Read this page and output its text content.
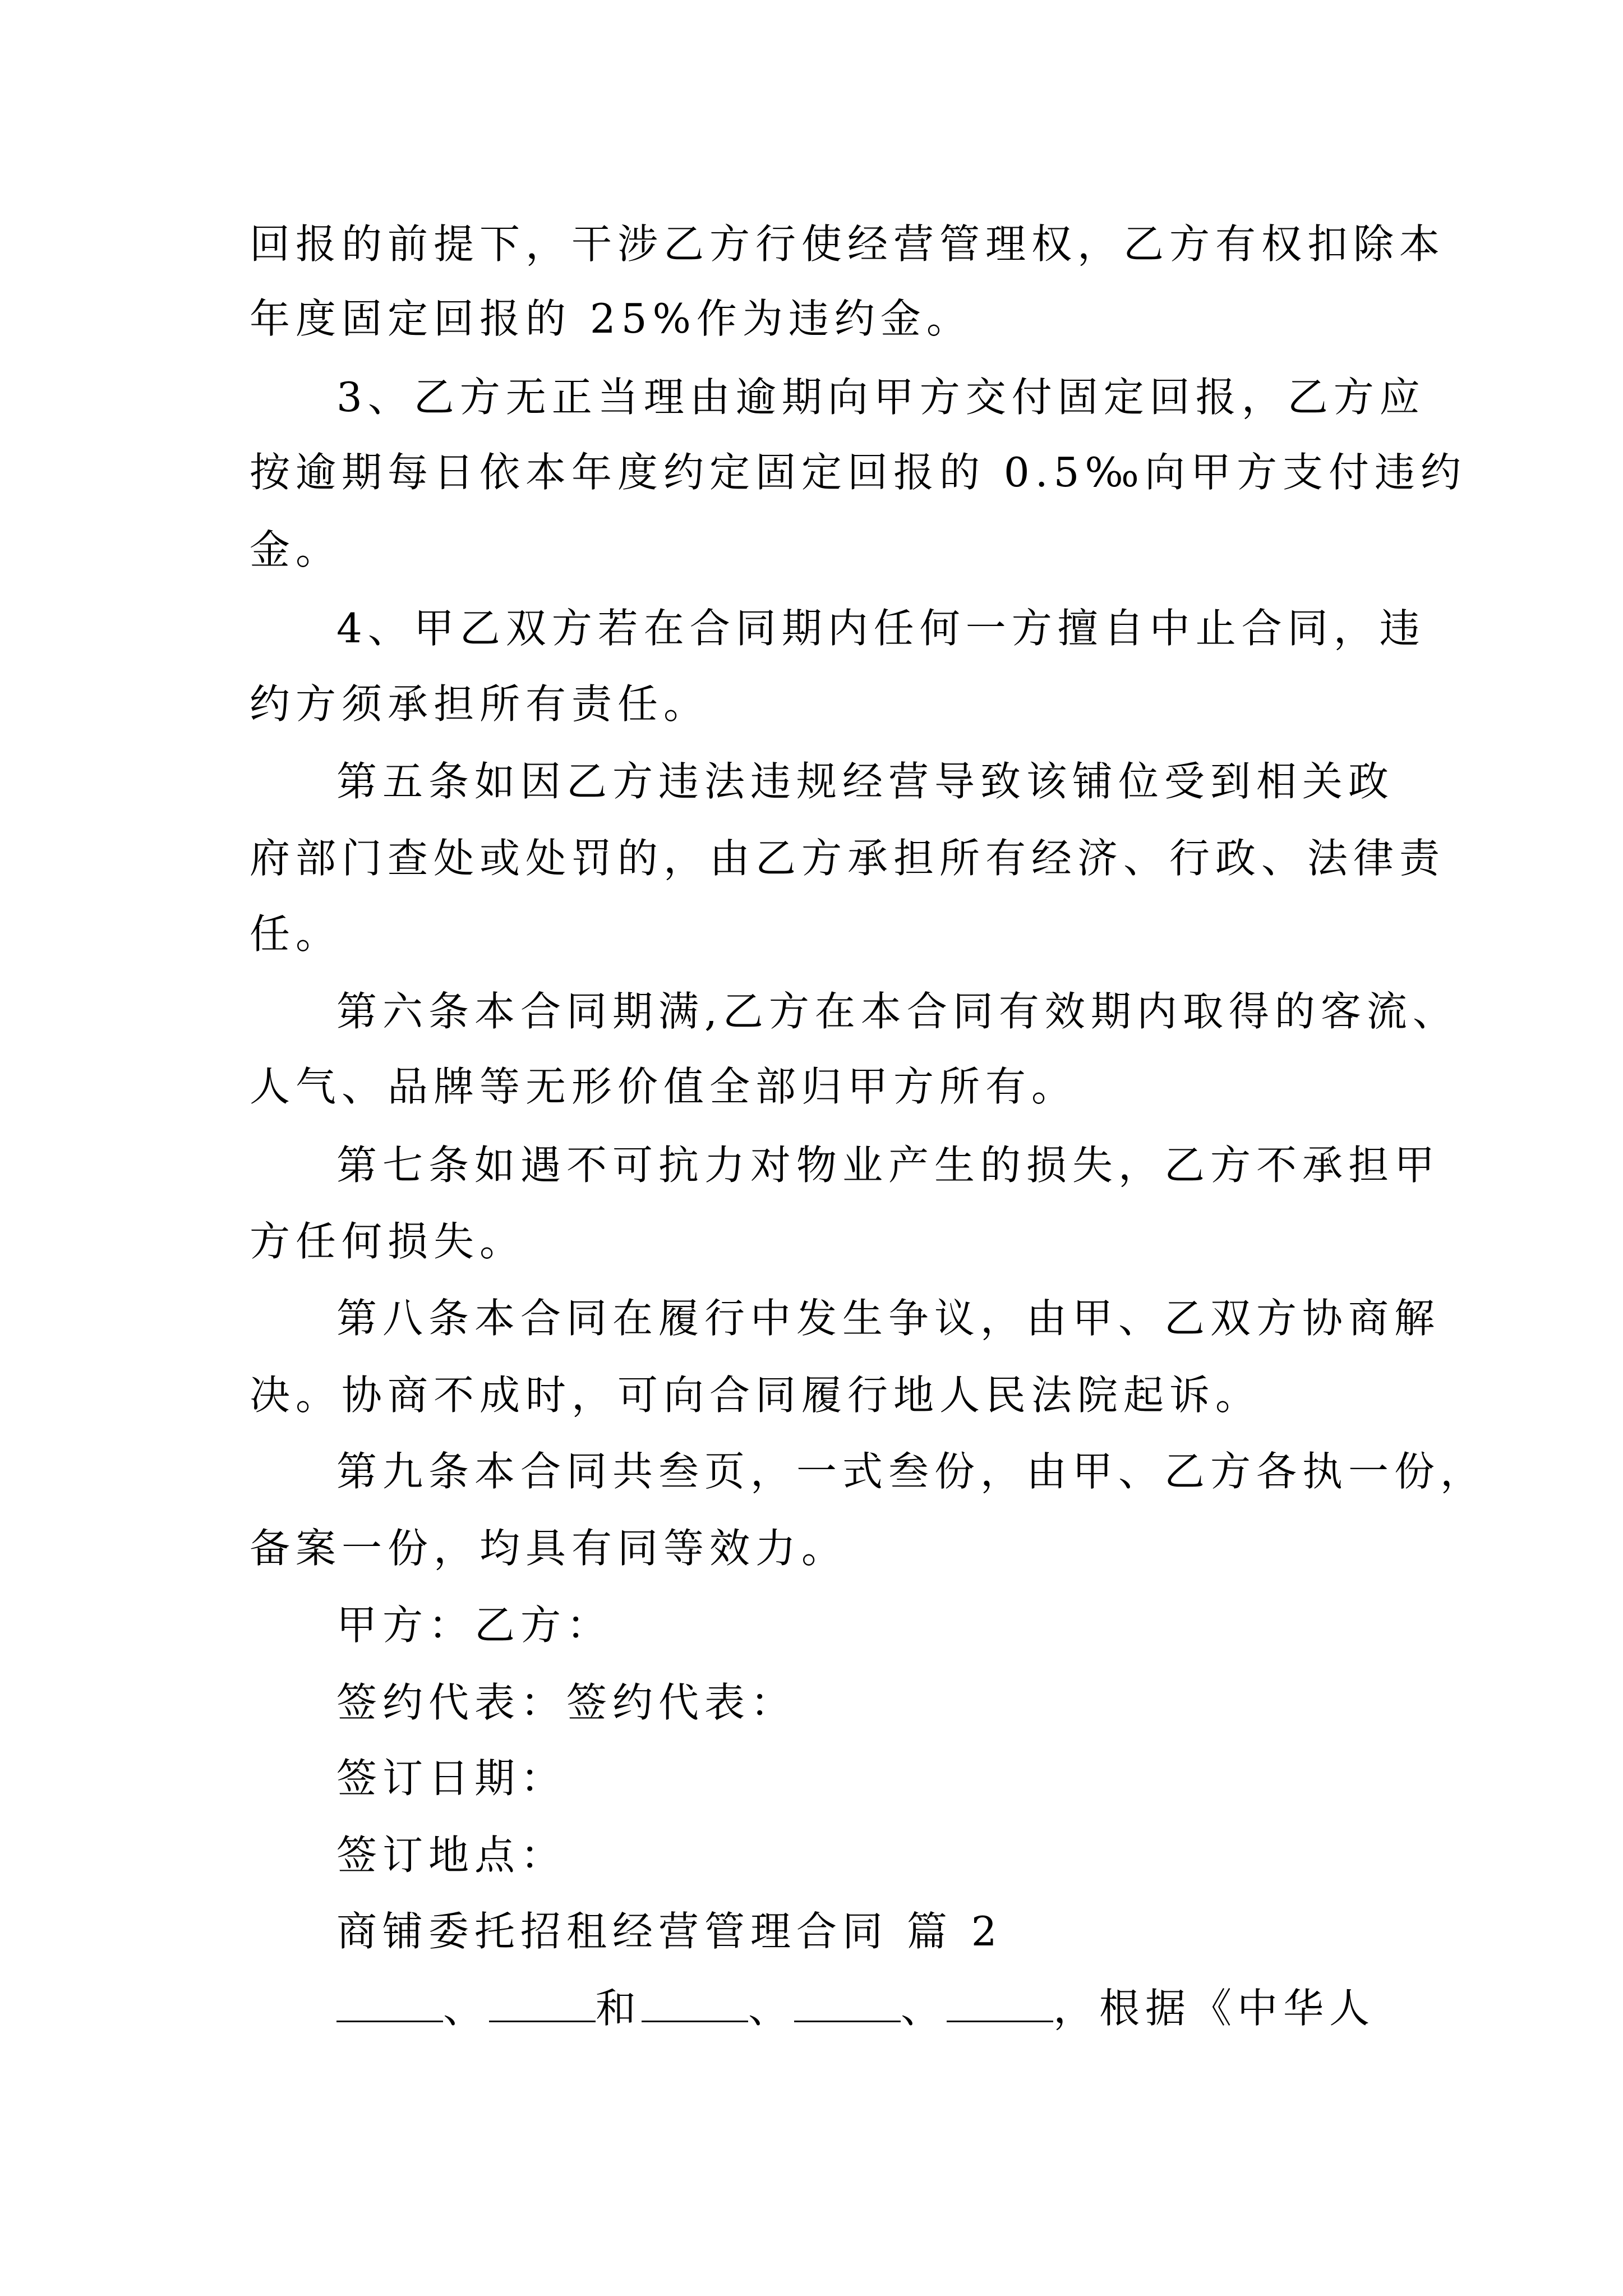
回报的前提下，干涉乙方行使经营管理权，乙方有权扣除本
年度固定回报的 25%作为违约金。
3、乙方无正当理由逾期向甲方交付固定回报，乙方应
按逾期每日依本年度约定固定回报的 0.5‰向甲方支付违约
金。
4、甲乙双方若在合同期内任何一方擅自中止合同，违
约方须承担所有责任。
第五条如因乙方违法违规经营导致该铺位受到相关政
府部门查处或处罚的，由乙方承担所有经济、行政、法律责
任。
第六条本合同期满,乙方在本合同有效期内取得的客流、
人气、品牌等无形价值全部归甲方所有。
第七条如遇不可抗力对物业产生的损失，乙方不承担甲
方任何损失。
第八条本合同在履行中发生争议，由甲、乙双方协商解
决。协商不成时，可向合同履行地人民法院起诉。
第九条本合同共叁页，一式叁份，由甲、乙方各执一份，
备案一份，均具有同等效力。
甲方：乙方：
签约代表：签约代表：
签订日期：
签订地点：
商铺委托招租经营管理合同 篇 2
、	和	、	、	，根据《中华人
